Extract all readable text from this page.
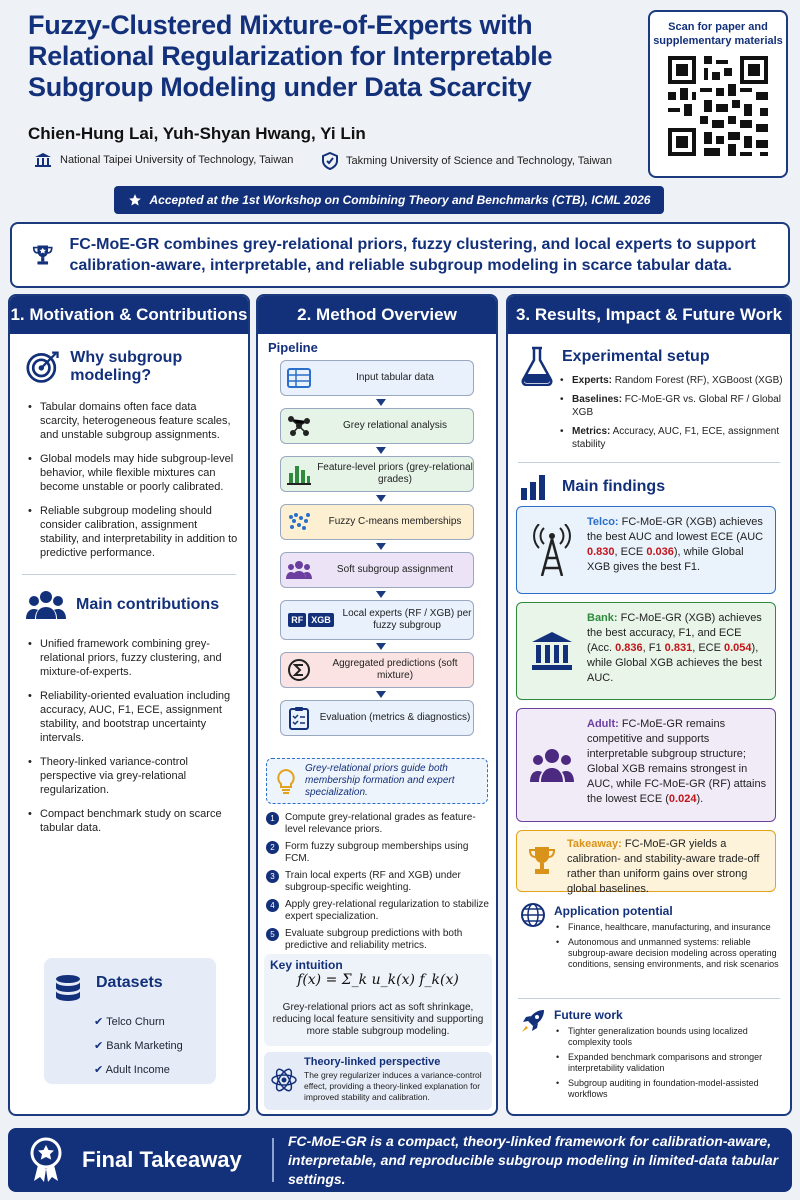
Fuzzy-Clustered Mixture-of-Experts with Relational Regularization for Interpretable Subgroup Modeling under Data Scarcity
Chien-Hung Lai, Yuh-Shyan Hwang, Yi Lin
National Taipei University of Technology, Taiwan	Takming University of Science and Technology, Taiwan
Scan for paper and supplementary materials
Accepted at the 1st Workshop on Combining Theory and Benchmarks (CTB), ICML 2026
FC-MoE-GR combines grey-relational priors, fuzzy clustering, and local experts to support calibration-aware, interpretable, and reliable subgroup modeling in scarce tabular data.
1. Motivation & Contributions
Why subgroup modeling?
• Tabular domains often face data scarcity, heterogeneous feature scales, and unstable subgroup assignments.
• Global models may hide subgroup-level behavior, while flexible mixtures can become unstable or poorly calibrated.
• Reliable subgroup modeling should consider calibration, assignment stability, and interpretability in addition to predictive performance.
Main contributions
• Unified framework combining grey-relational priors, fuzzy clustering, and mixture-of-experts.
• Reliability-oriented evaluation including accuracy, AUC, F1, ECE, assignment stability, and bootstrap uncertainty intervals.
• Theory-linked variance-control perspective via grey-relational regularization.
• Compact benchmark study on scarce tabular data.
Datasets
✔ Telco Churn
✔ Bank Marketing
✔ Adult Income
2. Method Overview
Pipeline
Input tabular data
Grey relational analysis
Feature-level priors (grey-relational grades)
Fuzzy C-means memberships
Soft subgroup assignment
RF XGB
Local experts (RF / XGB) per fuzzy subgroup
Aggregated predictions (soft mixture)
Evaluation (metrics & diagnostics)
Grey-relational priors guide both membership formation and expert specialization.
1	Compute grey-relational grades as feature-level relevance priors.
2	Form fuzzy subgroup memberships using FCM.
3	Train local experts (RF and XGB) under subgroup-specific weighting.
4	Apply grey-relational regularization to stabilize expert specialization.
5	Evaluate subgroup predictions with both predictive and reliability metrics.
Key intuition
f(x) = Σ_k u_k(x) f_k(x)
Grey-relational priors act as soft shrinkage, reducing local feature sensitivity and supporting more stable subgroup modeling.
Theory-linked perspective
The grey regularizer induces a variance-control effect, providing a theory-linked explanation for improved stability and calibration.
3. Results, Impact & Future Work
Experimental setup
• Experts: Random Forest (RF), XGBoost (XGB)
• Baselines: FC-MoE-GR vs. Global RF / Global XGB
• Metrics: Accuracy, AUC, F1, ECE, assignment stability
Main findings
Telco: FC-MoE-GR (XGB) achieves the best AUC and lowest ECE (AUC 0.830, ECE 0.036), while Global XGB gives the best F1.
Bank: FC-MoE-GR (XGB) achieves the best accuracy, F1, and ECE (Acc. 0.836, F1 0.831, ECE 0.054), while Global XGB achieves the best AUC.
Adult: FC-MoE-GR remains competitive and supports interpretable subgroup structure; Global XGB remains strongest in AUC, while FC-MoE-GR (RF) attains the lowest ECE (0.024).
Takeaway: FC-MoE-GR yields a calibration- and stability-aware trade-off rather than uniform gains over strong global baselines.
Application potential
• Finance, healthcare, manufacturing, and insurance
• Autonomous and unmanned systems: reliable subgroup-aware decision modeling across operating conditions, sensing environments, and risk scenarios
Future work
• Tighter generalization bounds using localized complexity tools
• Expanded benchmark comparisons and stronger interpretability validation
• Subgroup auditing in foundation-model-assisted workflows
Final Takeaway
FC-MoE-GR is a compact, theory-linked framework for calibration-aware, interpretable, and reproducible subgroup modeling in limited-data tabular settings.
